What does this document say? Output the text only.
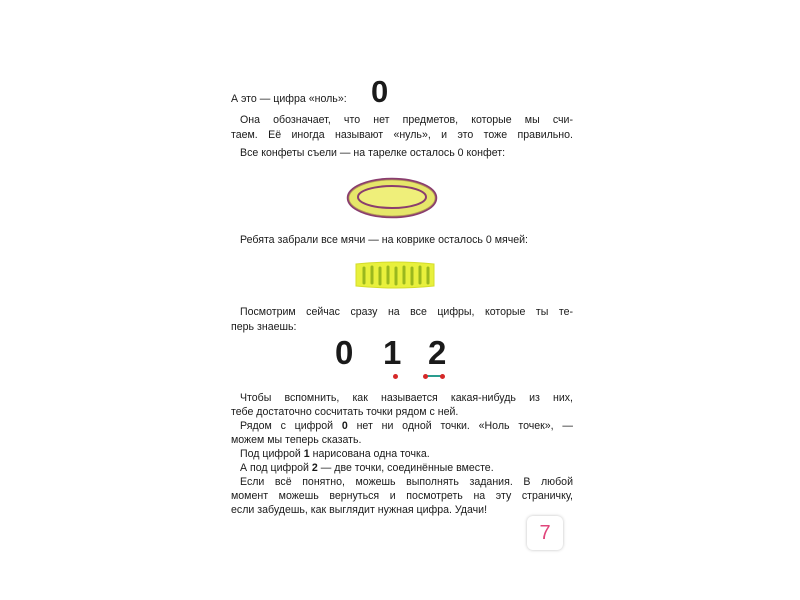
А это — цифра «ноль»: 0
Она обозначает, что нет предметов, которые мы счи-
таем. Её иногда называют «нуль», и это тоже правильно.
Все конфеты съели — на тарелке осталось 0 конфет:
Ребята забрали все мячи — на коврике осталось 0 мячей:
Посмотрим сейчас сразу на все цифры, которые ты те-
перь знаешь:
0 1 2
Чтобы вспомнить, как называется какая-нибудь из них,
тебе достаточно сосчитать точки рядом с ней.
Рядом с цифрой 0 нет ни одной точки. «Ноль точек», —
можем мы теперь сказать.
Под цифрой 1 нарисована одна точка.
А под цифрой 2 — две точки, соединённые вместе.
Если всё понятно, можешь выполнять задания. В любой
момент можешь вернуться и посмотреть на эту страничку,
если забудешь, как выглядит нужная цифра. Удачи!
7
